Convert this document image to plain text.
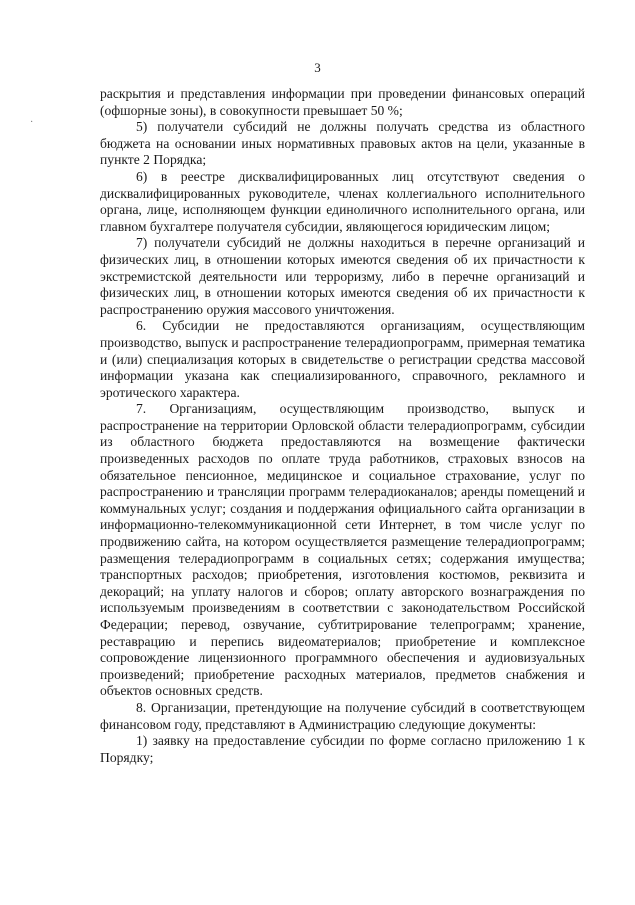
3
·

раскрытия и представления информации при проведении финансовых операций (офшорные зоны), в совокупности превышает 50 %;

5) получатели субсидий не должны получать средства из областного бюджета на основании иных нормативных правовых актов на цели, указанные в пункте 2 Порядка;

6) в реестре дисквалифицированных лиц отсутствуют сведения о дисквалифицированных руководителе, членах коллегиального исполнительного органа, лице, исполняющем функции единоличного исполнительного органа, или главном бухгалтере получателя субсидии, являющегося юридическим лицом;

7) получатели субсидий не должны находиться в перечне организаций и физических лиц, в отношении которых имеются сведения об их причастности к экстремистской деятельности или терроризму, либо в перечне организаций и физических лиц, в отношении которых имеются сведения об их причастности к распространению оружия массового уничтожения.

6. Субсидии не предоставляются организациям, осуществляющим производство, выпуск и распространение телерадиопрограмм, примерная тематика и (или) специализация которых в свидетельстве о регистрации средства массовой информации указана как специализированного, справочного, рекламного и эротического характера.

7. Организациям, осуществляющим производство, выпуск и распространение на территории Орловской области телерадиопрограмм, субсидии из областного бюджета предоставляются на возмещение фактически произведенных расходов по оплате труда работников, страховых взносов на обязательное пенсионное, медицинское и социальное страхование, услуг по распространению и трансляции программ телерадиоканалов; аренды помещений и коммунальных услуг; создания и поддержания официального сайта организации в информационно-телекоммуникационной сети Интернет, в том числе услуг по продвижению сайта, на котором осуществляется размещение телерадиопрограмм; размещения телерадиопрограмм в социальных сетях; содержания имущества; транспортных расходов; приобретения, изготовления костюмов, реквизита и декораций; на уплату налогов и сборов; оплату авторского вознаграждения по используемым произведениям в соответствии с законодательством Российской Федерации; перевод, озвучание, субтитрирование телепрограмм; хранение, реставрацию и перепись видеоматериалов; приобретение и комплексное сопровождение лицензионного программного обеспечения и аудиовизуальных произведений; приобретение расходных материалов, предметов снабжения и объектов основных средств.

8. Организации, претендующие на получение субсидий в соответствующем финансовом году, представляют в Администрацию следующие документы:

1) заявку на предоставление субсидии по форме согласно приложению 1 к Порядку;
